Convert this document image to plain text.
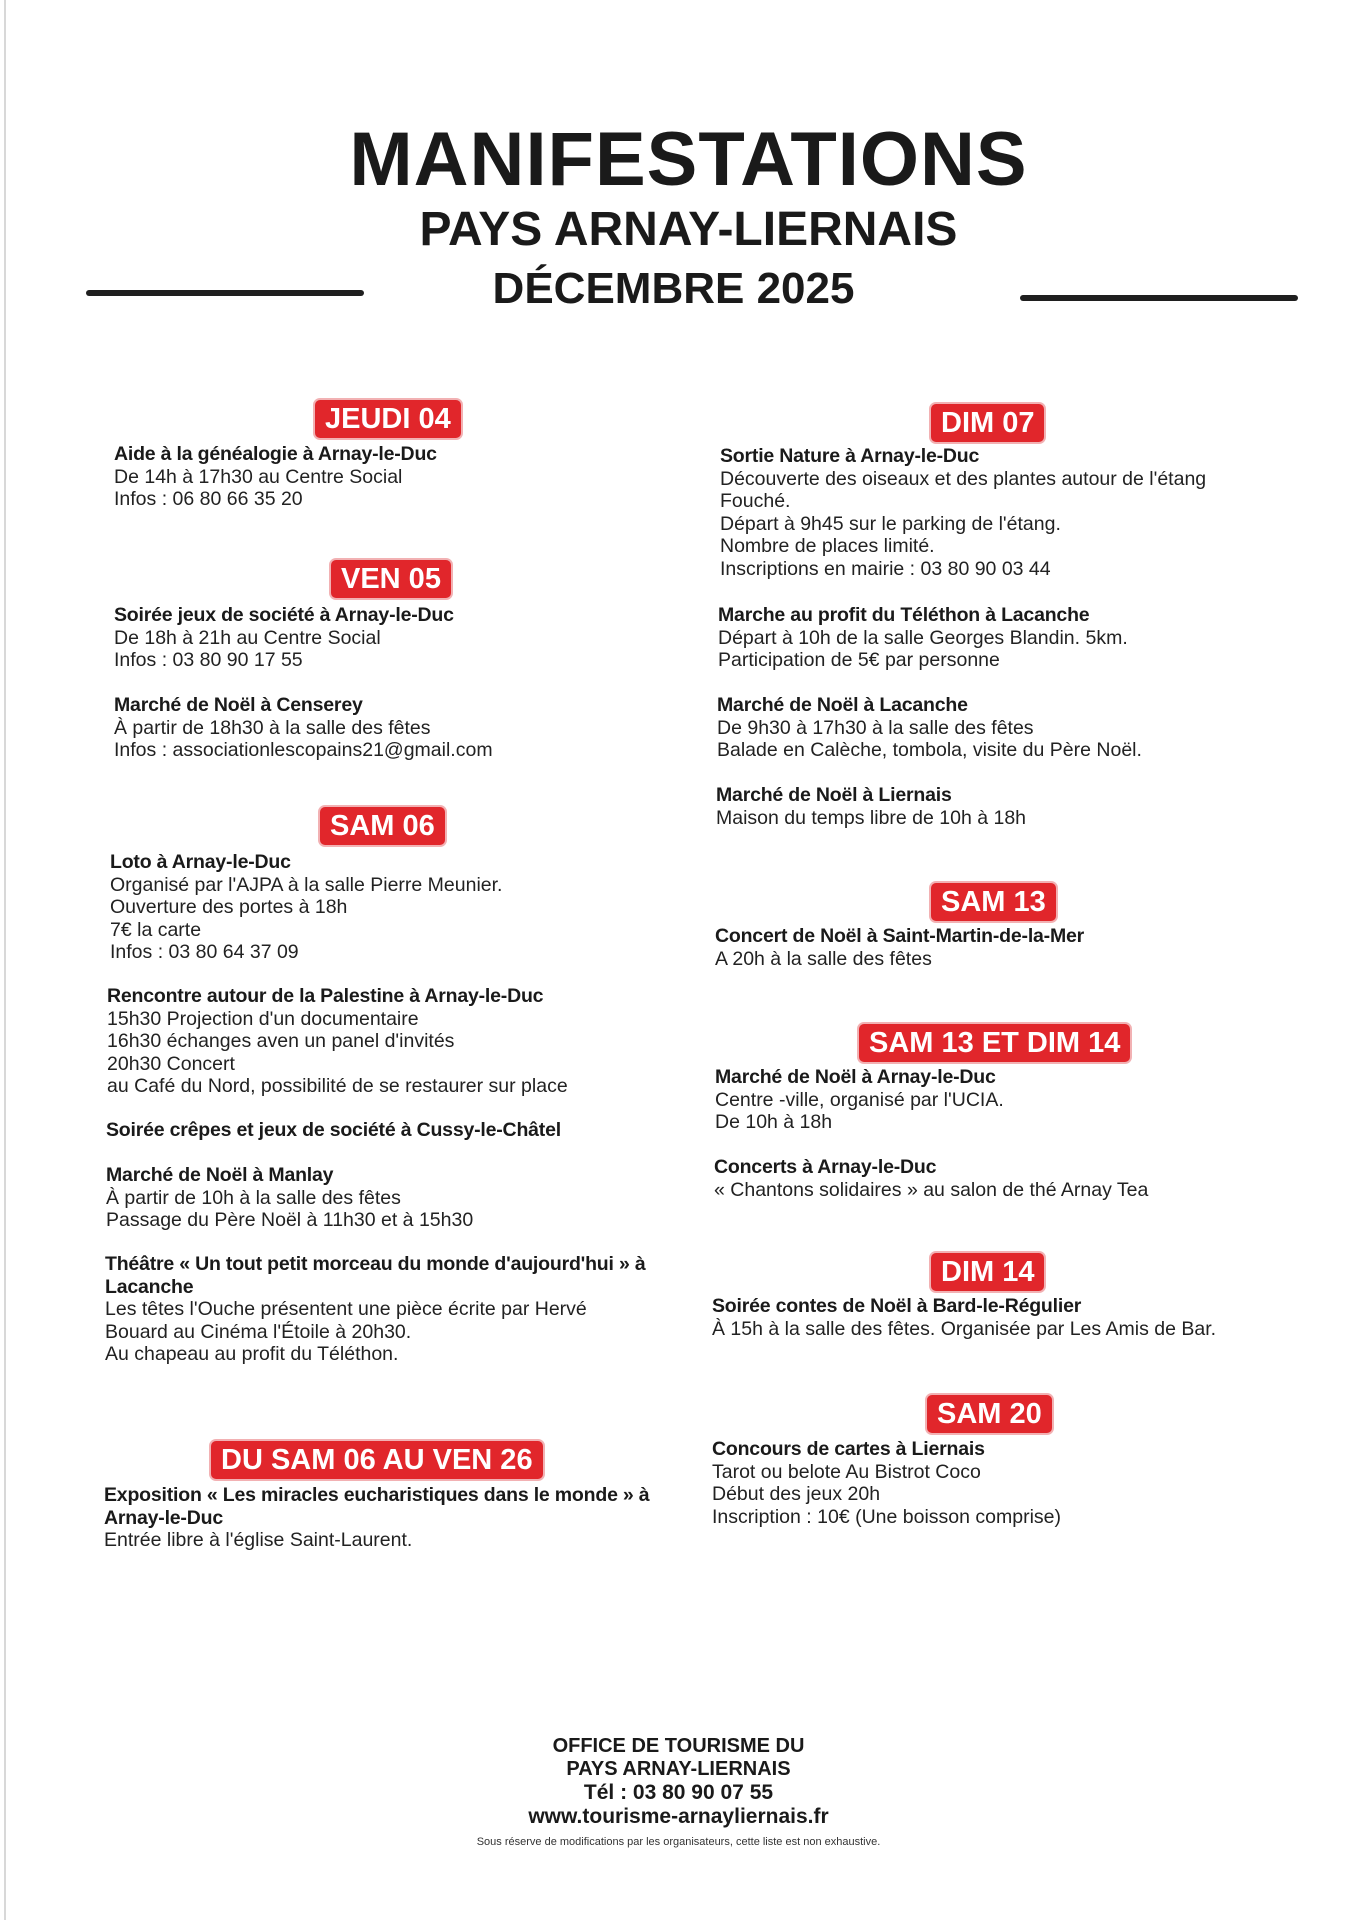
MANIFESTATIONS
PAYS ARNAY-LIERNAIS
DÉCEMBRE 2025
JEUDI 04
Aide à la généalogie à Arnay-le-Duc
De 14h à 17h30 au Centre Social
Infos : 06 80 66 35 20
VEN 05
Soirée jeux de société à Arnay-le-Duc
De 18h à 21h au Centre Social
Infos : 03 80 90 17 55
Marché de Noël à Censerey
À partir de 18h30 à la salle des fêtes
Infos : associationlescopains21@gmail.com
SAM 06
Loto à Arnay-le-Duc
Organisé par l'AJPA à la salle Pierre Meunier.
Ouverture des portes à 18h
7€ la carte
Infos : 03 80 64 37 09
Rencontre autour de la Palestine à Arnay-le-Duc
15h30 Projection d'un documentaire
16h30 échanges aven un panel d'invités
20h30 Concert
au Café du Nord, possibilité de se restaurer sur place
Soirée crêpes et jeux de société à Cussy-le-Châtel
Marché de Noël à Manlay
À partir de 10h à la salle des fêtes
Passage du Père Noël à 11h30 et à 15h30
Théâtre « Un tout petit morceau du monde d'aujourd'hui » à
Lacanche
Les têtes l'Ouche présentent une pièce écrite par Hervé
Bouard au Cinéma l'Étoile à 20h30.
Au chapeau au profit du Téléthon.
DU SAM 06 AU VEN 26
Exposition « Les miracles eucharistiques dans le monde » à
Arnay-le-Duc
Entrée libre à l'église Saint-Laurent.
DIM 07
Sortie Nature à Arnay-le-Duc
Découverte des oiseaux et des plantes autour de l'étang
Fouché.
Départ à 9h45 sur le parking de l'étang.
Nombre de places limité.
Inscriptions en mairie : 03 80 90 03 44
Marche au profit du Téléthon à Lacanche
Départ à 10h de la salle Georges Blandin. 5km.
Participation de 5€ par personne
Marché de Noël à Lacanche
De 9h30 à 17h30 à la salle des fêtes
Balade en Calèche, tombola, visite du Père Noël.
Marché de Noël à Liernais
Maison du temps libre de 10h à 18h
SAM 13
Concert de Noël à Saint-Martin-de-la-Mer
A 20h à la salle des fêtes
SAM 13 ET DIM 14
Marché de Noël à Arnay-le-Duc
Centre -ville, organisé par l'UCIA.
De 10h à 18h
Concerts à Arnay-le-Duc
« Chantons solidaires » au salon de thé Arnay Tea
DIM 14
Soirée contes de Noël à Bard-le-Régulier
À 15h à la salle des fêtes. Organisée par Les Amis de Bar.
SAM 20
Concours de cartes à Liernais
Tarot ou belote Au Bistrot Coco
Début des jeux 20h
Inscription : 10€ (Une boisson comprise)
OFFICE DE TOURISME DU
PAYS ARNAY-LIERNAIS
Tél : 03 80 90 07 55
www.tourisme-arnayliernais.fr
Sous réserve de modifications par les organisateurs, cette liste est non exhaustive.
